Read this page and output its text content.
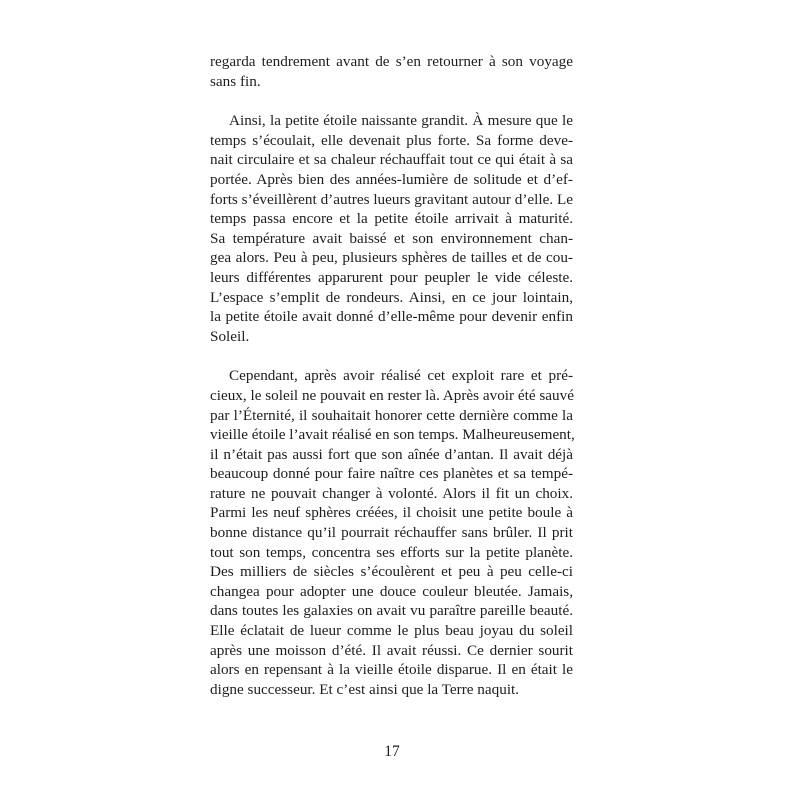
regarda tendrement avant de s’en retourner à son voyage
sans fin.
Ainsi, la petite étoile naissante grandit. À mesure que le
temps s’écoulait, elle devenait plus forte. Sa forme deve-
nait circulaire et sa chaleur réchauffait tout ce qui était à sa
portée. Après bien des années-lumière de solitude et d’ef-
forts s’éveillèrent d’autres lueurs gravitant autour d’elle. Le
temps passa encore et la petite étoile arrivait à maturité.
Sa température avait baissé et son environnement chan-
gea alors. Peu à peu, plusieurs sphères de tailles et de cou-
leurs différentes apparurent pour peupler le vide céleste.
L’espace s’emplit de rondeurs. Ainsi, en ce jour lointain,
la petite étoile avait donné d’elle-même pour devenir enfin
Soleil.
Cependant, après avoir réalisé cet exploit rare et pré-
cieux, le soleil ne pouvait en rester là. Après avoir été sauvé
par l’Éternité, il souhaitait honorer cette dernière comme la
vieille étoile l’avait réalisé en son temps. Malheureusement,
il n’était pas aussi fort que son aînée d’antan. Il avait déjà
beaucoup donné pour faire naître ces planètes et sa tempé-
rature ne pouvait changer à volonté. Alors il fit un choix.
Parmi les neuf sphères créées, il choisit une petite boule à
bonne distance qu’il pourrait réchauffer sans brûler. Il prit
tout son temps, concentra ses efforts sur la petite planète.
Des milliers de siècles s’écoulèrent et peu à peu celle-ci
changea pour adopter une douce couleur bleutée. Jamais,
dans toutes les galaxies on avait vu paraître pareille beauté.
Elle éclatait de lueur comme le plus beau joyau du soleil
après une moisson d’été. Il avait réussi. Ce dernier sourit
alors en repensant à la vieille étoile disparue. Il en était le
digne successeur. Et c’est ainsi que la Terre naquit.
17
